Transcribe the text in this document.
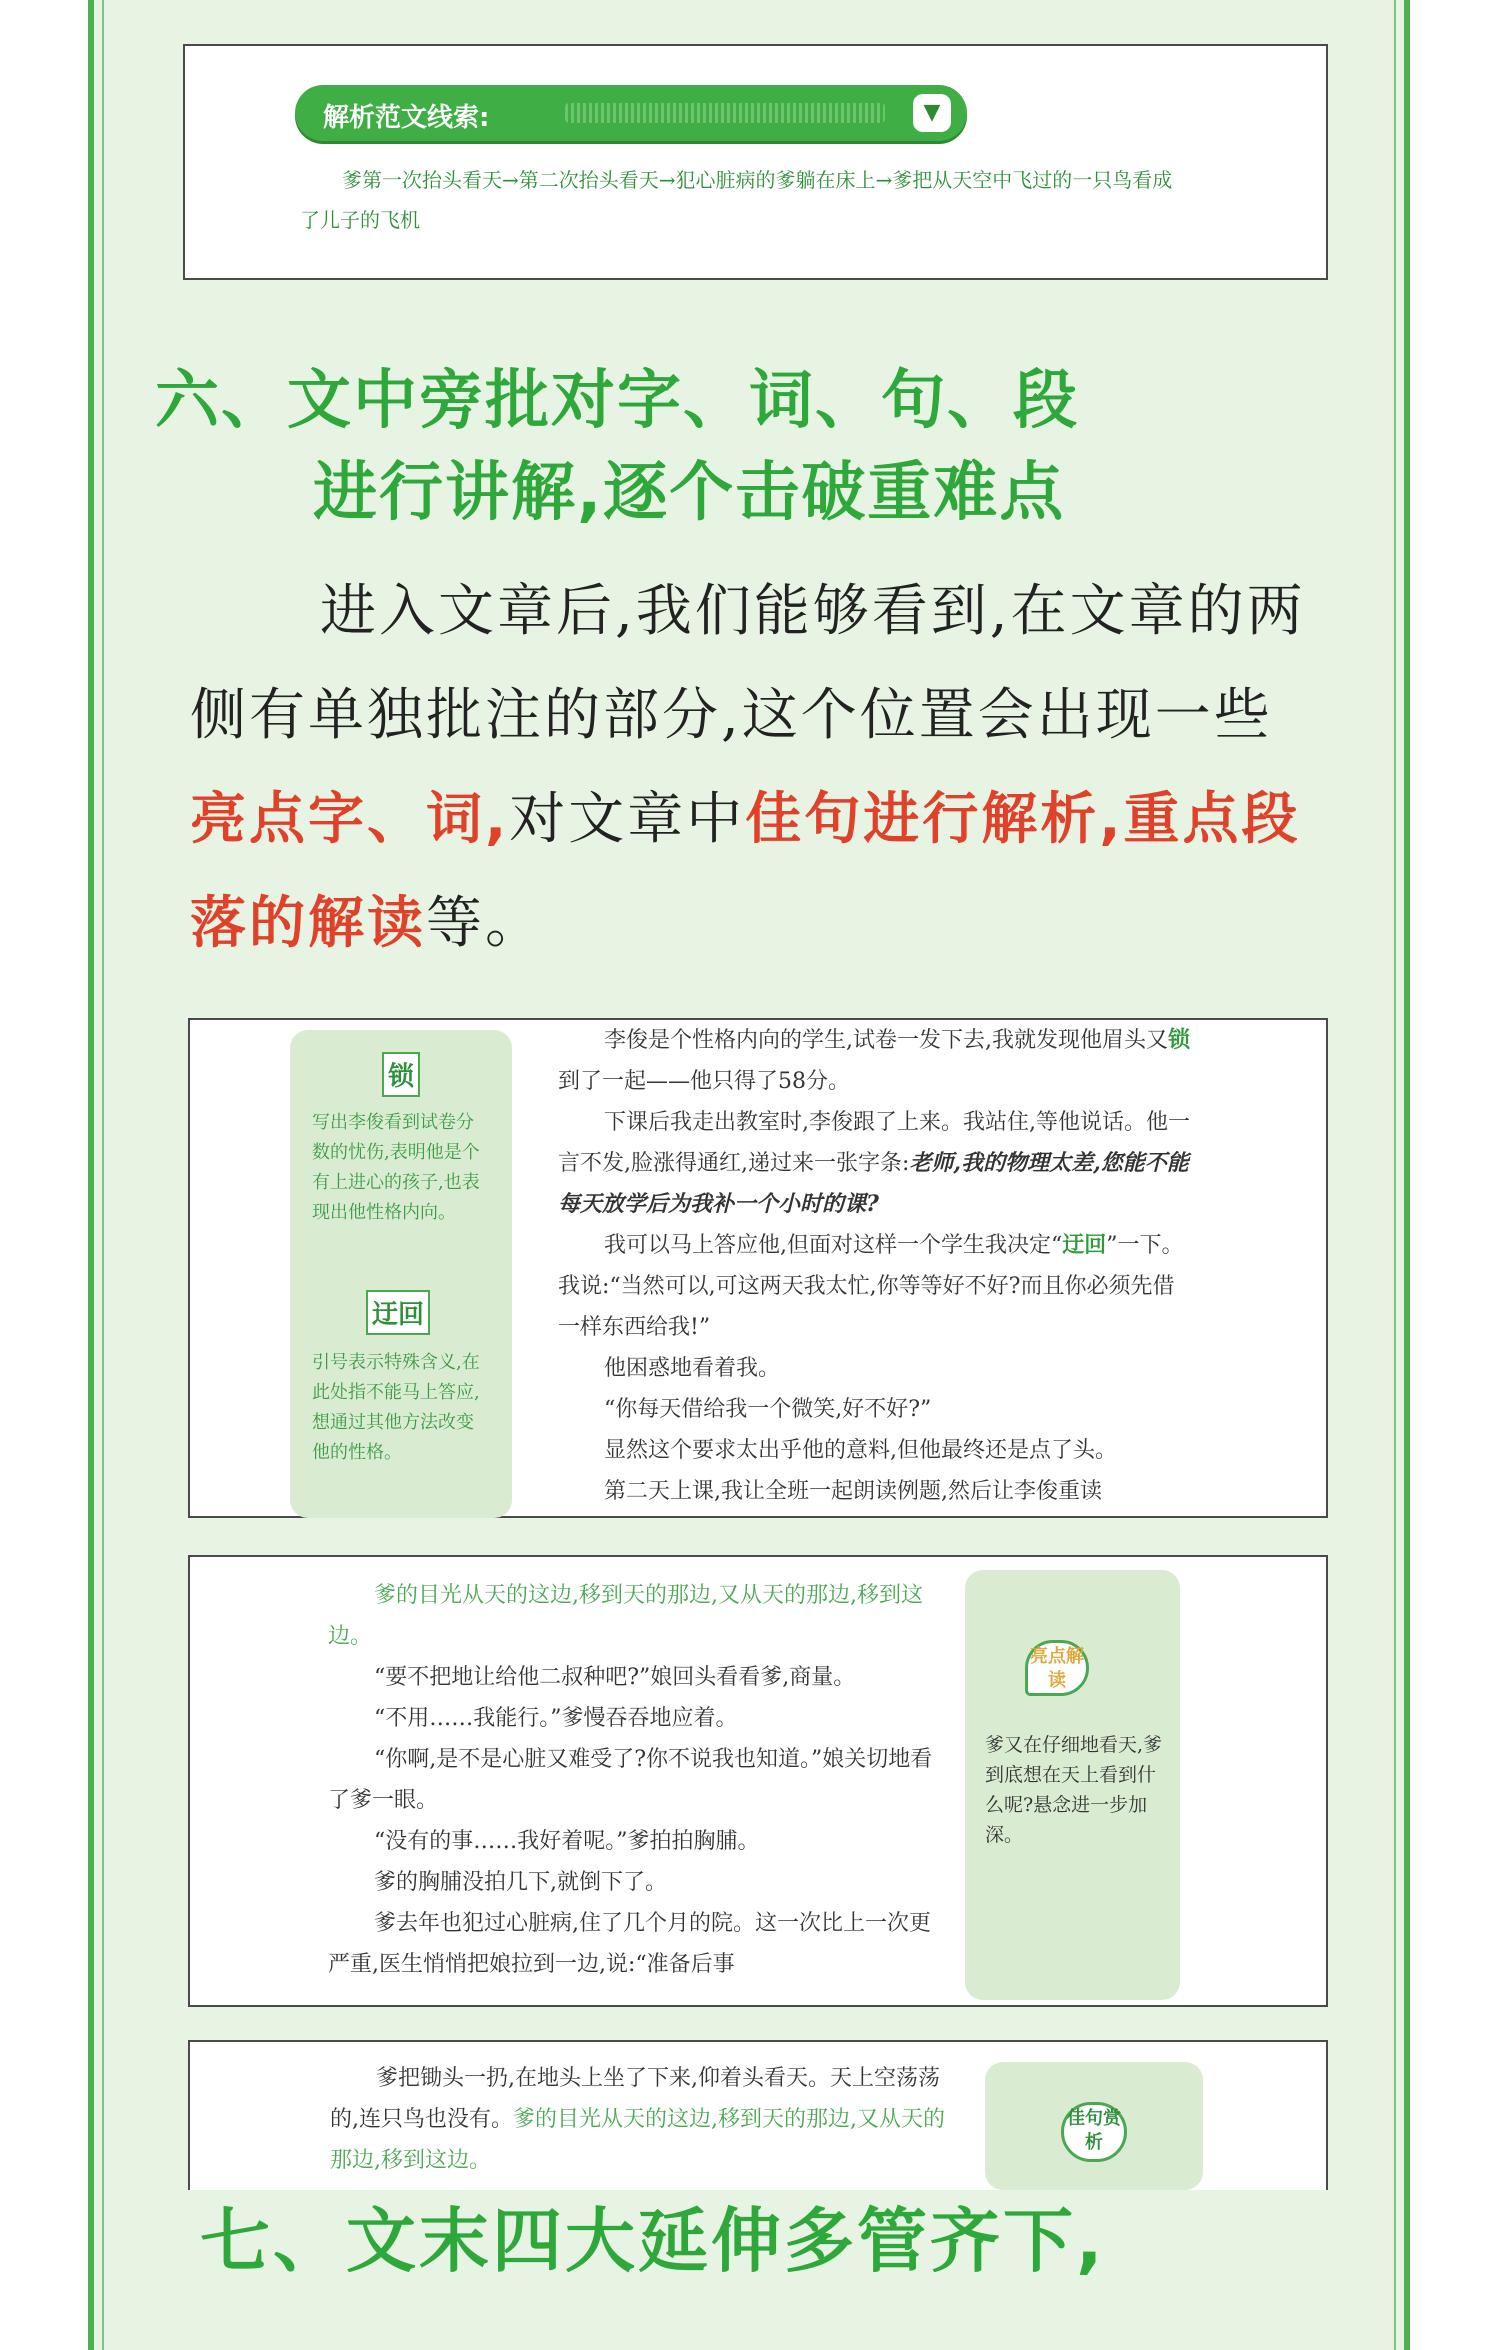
解析范文线索:	▼
爹第一次抬头看天→第二次抬头看天→犯心脏病的爹躺在床上→爹把从天空中飞过的一只鸟看成了儿子的飞机
六、文中旁批对字、词、句、段
进行讲解,逐个击破重难点
进入文章后,我们能够看到,在文章的两侧有单独批注的部分,这个位置会出现一些亮点字、词,对文章中佳句进行解析,重点段落的解读等。
锁
写出李俊看到试卷分数的忧伤,表明他是个有上进心的孩子,也表现出他性格内向。
迂回
引号表示特殊含义,在此处指不能马上答应,想通过其他方法改变他的性格。

李俊是个性格内向的学生,试卷一发下去,我就发现他眉头又锁到了一起——他只得了58分。

下课后我走出教室时,李俊跟了上来。我站住,等他说话。他一言不发,脸涨得通红,递过来一张字条:老师,我的物理太差,您能不能每天放学后为我补一个小时的课?

我可以马上答应他,但面对这样一个学生我决定“迂回”一下。我说:“当然可以,可这两天我太忙,你等等好不好?而且你必须先借一样东西给我!”

他困惑地看着我。

“你每天借给我一个微笑,好不好?”

显然这个要求太出乎他的意料,但他最终还是点了头。

第二天上课,我让全班一起朗读例题,然后让李俊重读

爹的目光从天的这边,移到天的那边,又从天的那边,移到这边。

“要不把地让给他二叔种吧?”娘回头看看爹,商量。

“不用……我能行。”爹慢吞吞地应着。

“你啊,是不是心脏又难受了?你不说我也知道。”娘关切地看了爹一眼。

“没有的事……我好着呢。”爹拍拍胸脯。

爹的胸脯没拍几下,就倒下了。

爹去年也犯过心脏病,住了几个月的院。这一次比上一次更严重,医生悄悄把娘拉到一边,说:“准备后事

亮点解读
爹又在仔细地看天,爹到底想在天上看到什么呢?悬念进一步加深。

爹把锄头一扔,在地头上坐了下来,仰着头看天。天上空荡荡的,连只鸟也没有。爹的目光从天的这边,移到天的那边,又从天的那边,移到这边。

佳句赏析
七、文末四大延伸多管齐下,
